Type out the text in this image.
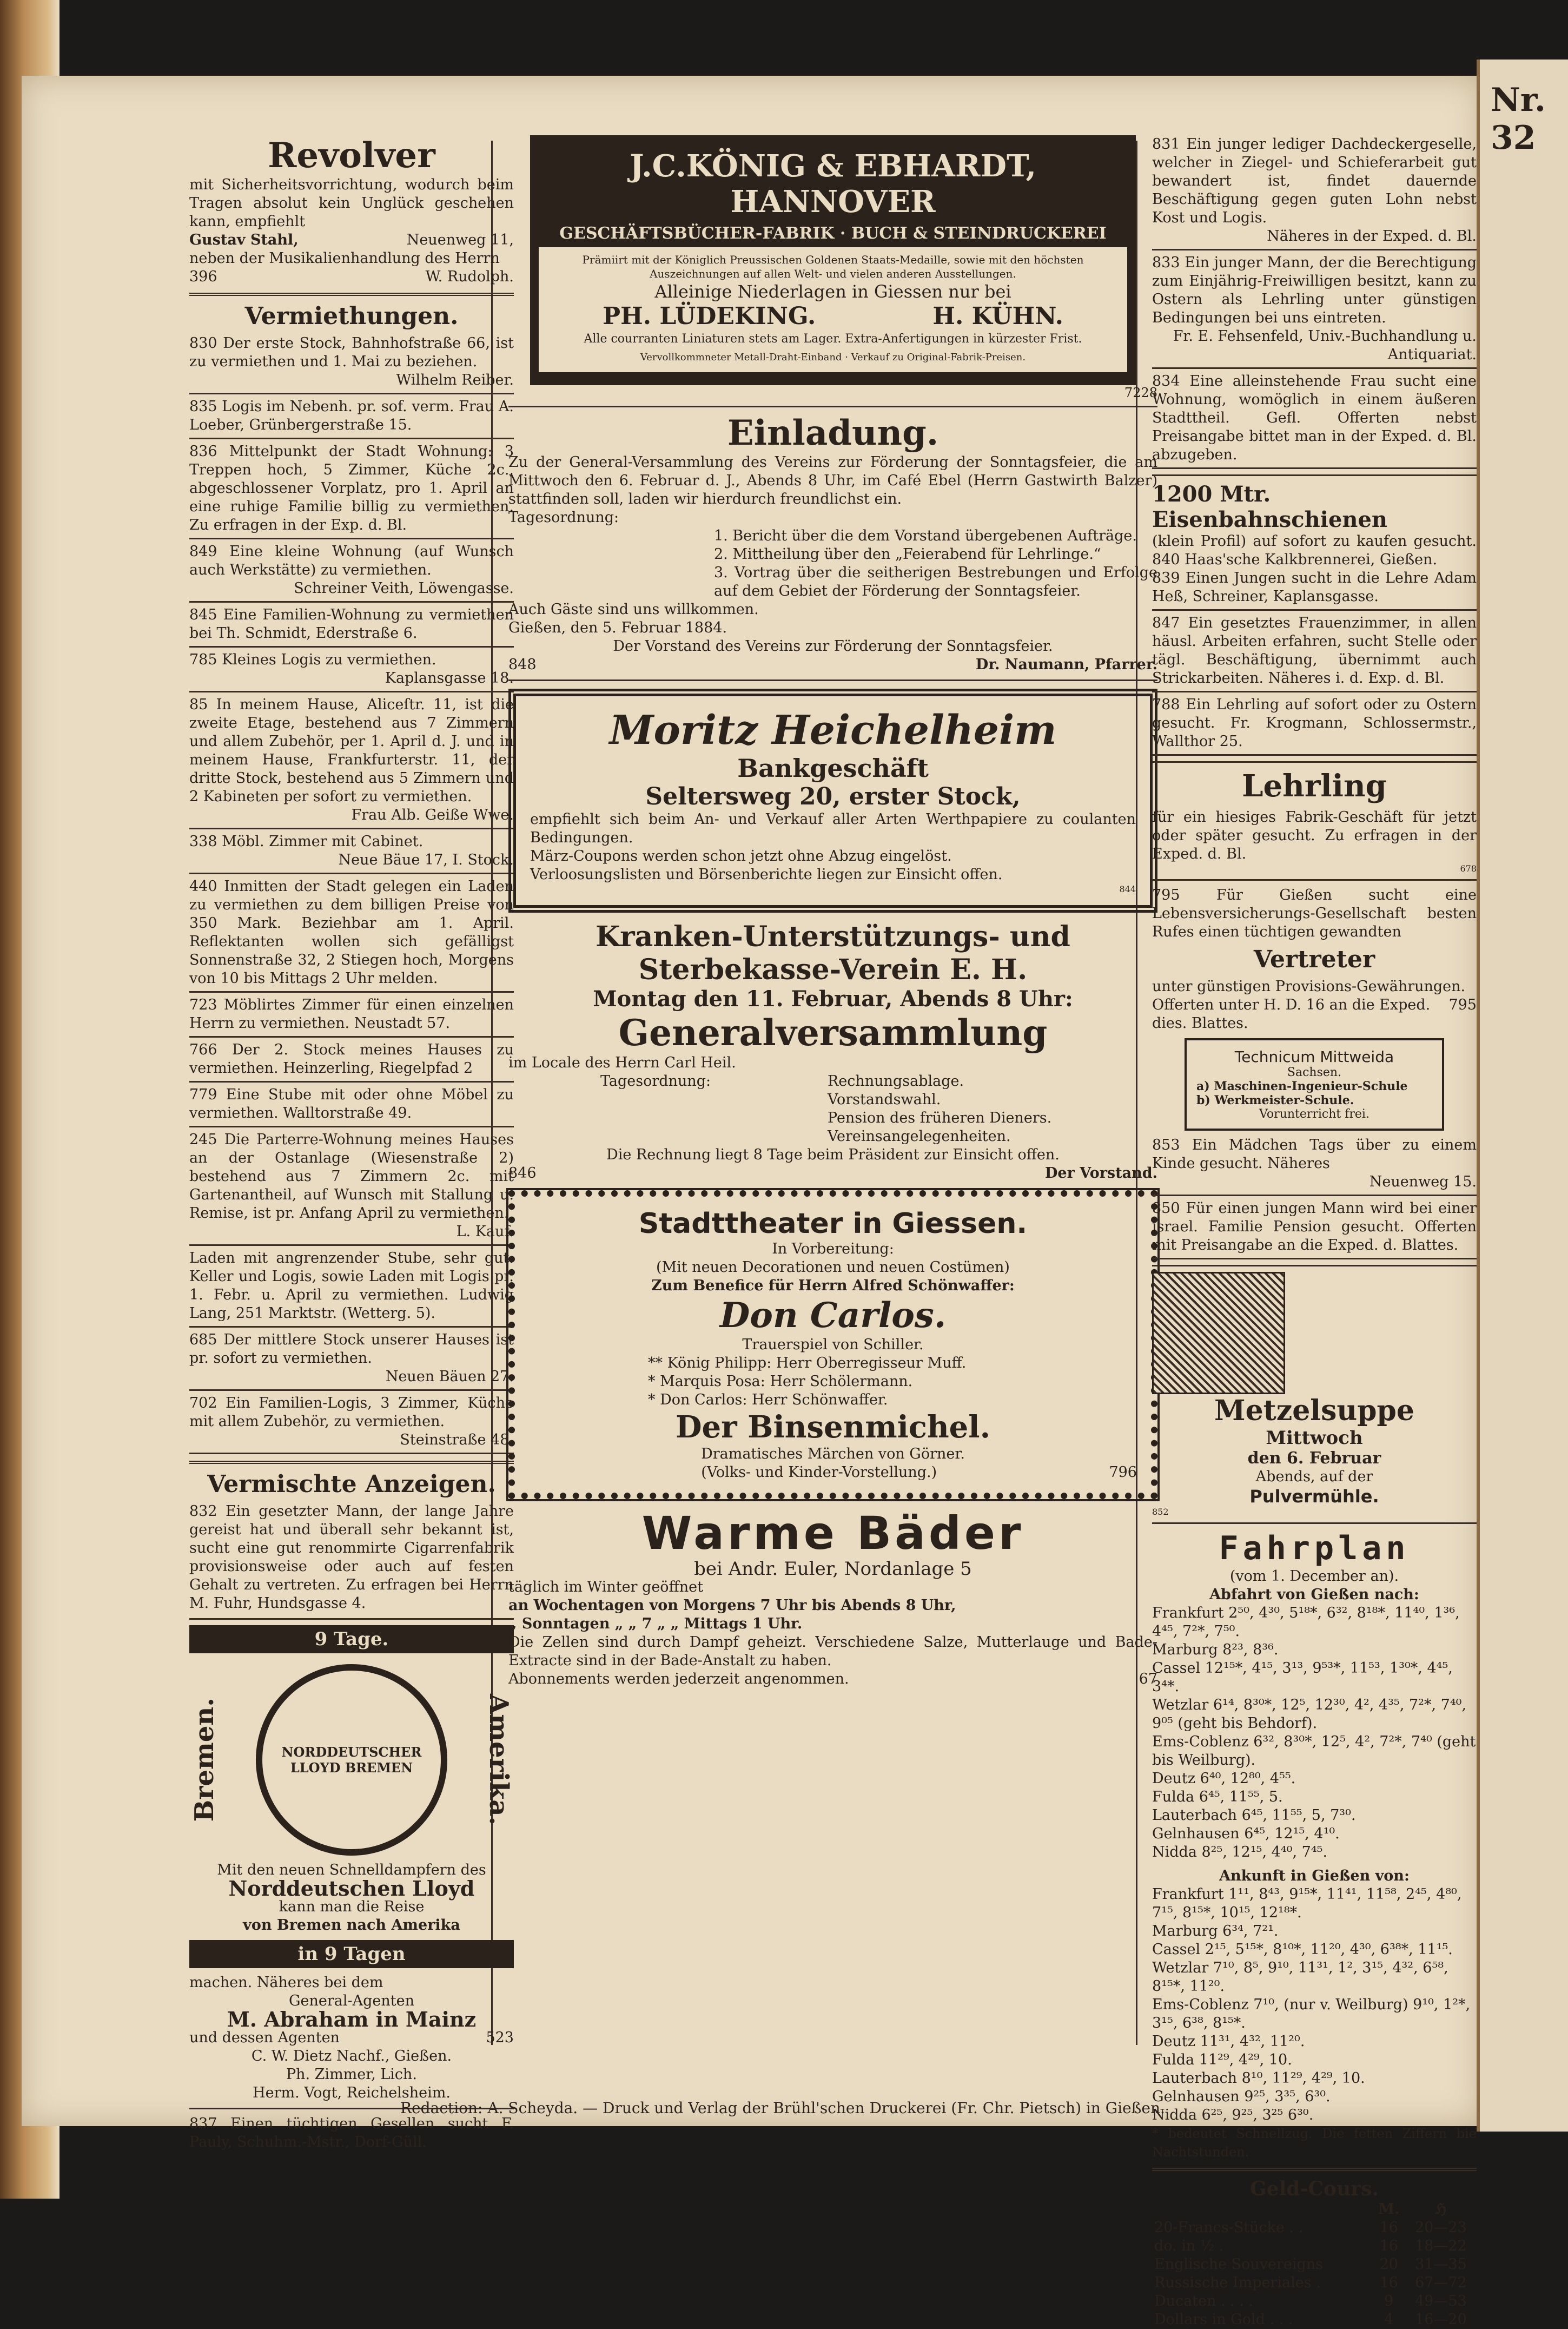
Revolver

mit Sicherheitsvorrichtung, wodurch beim Tragen absolut kein Unglück geschehen kann, empfiehlt

Gustav Stahl,	Neuenweg 11,

neben der Musikalienhandlung des Herrn

396	W. Rudolph.
Vermiethungen.

830 Der erste Stock, Bahnhofstraße 66, ist zu vermiethen und 1. Mai zu beziehen.

Wilhelm Reiber.

835 Logis im Nebenh. pr. sof. verm. Frau A. Loeber, Grünbergerstraße 15.

836 Mittelpunkt der Stadt Wohnung: 3 Treppen hoch, 5 Zimmer, Küche 2c., abgeschlossener Vorplatz, pro 1. April an eine ruhige Familie billig zu vermiethen. Zu erfragen in der Exp. d. Bl.

849 Eine kleine Wohnung (auf Wunsch auch Werkstätte) zu vermiethen.

Schreiner Veith, Löwengasse.

845 Eine Familien-Wohnung zu vermiethen bei Th. Schmidt, Ederstraße 6.

785 Kleines Logis zu vermiethen.

Kaplansgasse 18.

85 In meinem Hause, Aliceſtr. 11, ist die zweite Etage, bestehend aus 7 Zimmern und allem Zubehör, per 1. April d. J. und in meinem Hause, Frankfurterstr. 11, der dritte Stock, bestehend aus 5 Zimmern und 2 Kabineten per sofort zu vermiethen.

Frau Alb. Geiße Wwe.

338 Möbl. Zimmer mit Cabinet.

Neue Bäue 17, I. Stock.

440 Inmitten der Stadt gelegen ein Laden zu vermiethen zu dem billigen Preise von 350 Mark. Beziehbar am 1. April. Reflektanten wollen sich gefälligst Sonnenstraße 32, 2 Stiegen hoch, Morgens von 10 bis Mittags 2 Uhr melden.

723 Möblirtes Zimmer für einen einzelnen Herrn zu vermiethen. Neustadt 57.

766 Der 2. Stock meines Hauses zu vermiethen. Heinzerling, Riegelpfad 2

779 Eine Stube mit oder ohne Möbel zu vermiethen. Walltorstraße 49.

245 Die Parterre-Wohnung meines Hauses an der Ostanlage (Wiesenstraße 2) bestehend aus 7 Zimmern 2c. mit Gartenantheil, auf Wunsch mit Stallung u. Remise, ist pr. Anfang April zu vermiethen.

L. Kauf.

Laden mit angrenzender Stube, sehr gut. Keller und Logis, sowie Laden mit Logis pr. 1. Febr. u. April zu vermiethen. Ludwig Lang, 251 Marktstr. (Wetterg. 5).

685 Der mittlere Stock unserer Hauses ist pr. sofort zu vermiethen.

Neuen Bäuen 27.

702 Ein Familien-Logis, 3 Zimmer, Küche mit allem Zubehör, zu vermiethen.

Steinstraße 48.

Vermischte Anzeigen.

832 Ein gesetzter Mann, der lange Jahre gereist hat und überall sehr bekannt ist, sucht eine gut renommirte Cigarrenfabrik provisionsweise oder auch auf festen Gehalt zu vertreten. Zu erfragen bei Herrn M. Fuhr, Hundsgasse 4.

9 Tage.
Bremen.	NORDDEUTSCHER LLOYD BREMEN	Amerika.

Mit den neuen Schnelldampfern des

Norddeutschen Lloyd

kann man die Reise

von Bremen nach Amerika

in 9 Tagen

machen. Näheres bei dem

General-Agenten

M. Abraham in Mainz

und dessen Agenten	523

C. W. Dietz Nachf., Gießen.

Ph. Zimmer, Lich.

Herm. Vogt, Reichelsheim.

837 Einen tüchtigen Gesellen sucht F. Pauly, Schuhm.-Mstr., Dorf-Güll.

J.C.KÖNIG & EBHARDT, HANNOVER
GESCHÄFTSBÜCHER-FABRIK · BUCH & STEINDRUCKEREI

Prämiirt mit der Königlich Preussischen Goldenen Staats-Medaille, sowie mit den höchsten Auszeichnungen auf allen Welt- und vielen anderen Ausstellungen.

Alleinige Niederlagen in Giessen nur bei

PH. LÜDEKING.	H. KÜHN.

Alle courranten Liniaturen stets am Lager. Extra-Anfertigungen in kürzester Frist.

Vervollkommneter Metall-Draht-Einband · Verkauf zu Original-Fabrik-Preisen.

7228
Einladung.

Zu der General-Versammlung des Vereins zur Förderung der Sonntagsfeier, die am Mittwoch den 6. Februar d. J., Abends 8 Uhr, im Café Ebel (Herrn Gastwirth Balzer) stattfinden soll, laden wir hierdurch freundlichst ein.

Tagesordnung:

1. Bericht über die dem Vorstand übergebenen Aufträge.

2. Mittheilung über den „Feierabend für Lehrlinge.“

3. Vortrag über die seitherigen Bestrebungen und Erfolge auf dem Gebiet der Förderung der Sonntagsfeier.

Auch Gäste sind uns willkommen.

Gießen, den 5. Februar 1884.

Der Vorstand des Vereins zur Förderung der Sonntagsfeier.

848	Dr. Naumann, Pfarrer.
Moritz Heichelheim
Bankgeschäft
Seltersweg 20, erster Stock,

empfiehlt sich beim An- und Verkauf aller Arten Werthpapiere zu coulanten Bedingungen.

März-Coupons werden schon jetzt ohne Abzug eingelöst.

Verloosungslisten und Börsenberichte liegen zur Einsicht offen.

844
Kranken-Unterstützungs- und Sterbekasse-Verein E. H.
Montag den 11. Februar, Abends 8 Uhr:
Generalversammlung

im Locale des Herrn Carl Heil.

Tagesordnung:	Rechnungsablage.

Vorstandswahl.

Pension des früheren Dieners.

Vereinsangelegenheiten.

Die Rechnung liegt 8 Tage beim Präsident zur Einsicht offen.

846	Der Vorstand.
Stadttheater in Giessen.

In Vorbereitung:

(Mit neuen Decorationen und neuen Costümen)

Zum Benefice für Herrn Alfred Schönwaffer:

Don Carlos.

Trauerspiel von Schiller.

** König Philipp: Herr Oberregisseur Muff.

* Marquis Posa: Herr Schölermann.

* Don Carlos: Herr Schönwaffer.

Der Binsenmichel.

Dramatisches Märchen von Görner.

(Volks- und Kinder-Vorstellung.)	796
Warme Bäder

bei Andr. Euler, Nordanlage 5

täglich im Winter geöffnet

an Wochentagen von Morgens 7 Uhr bis Abends 8 Uhr,

„ Sonntagen „ „ 7 „ „ Mittags 1 Uhr.

Die Zellen sind durch Dampf geheizt. Verschiedene Salze, Mutterlauge und Bade-Extracte sind in der Bade-Anstalt zu haben.

Abonnements werden jederzeit angenommen.	67

831 Ein junger lediger Dachdeckergeselle, welcher in Ziegel- und Schieferarbeit gut bewandert ist, findet dauernde Beschäftigung gegen guten Lohn nebst Kost und Logis.

Näheres in der Exped. d. Bl.

833 Ein junger Mann, der die Berechtigung zum Einjährig-Freiwilligen besitzt, kann zu Ostern als Lehrling unter günstigen Bedingungen bei uns eintreten.

Fr. E. Fehsenfeld, Univ.-Buchhandlung u. Antiquariat.

834 Eine alleinstehende Frau sucht eine Wohnung, womöglich in einem äußeren Stadttheil. Gefl. Offerten nebst Preisangabe bittet man in der Exped. d. Bl. abzugeben.

1200 Mtr. Eisenbahnschienen

(klein Profil) auf sofort zu kaufen gesucht. 840 Haas'sche Kalkbrennerei, Gießen.

839 Einen Jungen sucht in die Lehre Adam Heß, Schreiner, Kaplansgasse.

847 Ein gesetztes Frauenzimmer, in allen häusl. Arbeiten erfahren, sucht Stelle oder tägl. Beschäftigung, übernimmt auch Strickarbeiten. Näheres i. d. Exp. d. Bl.

788 Ein Lehrling auf sofort oder zu Ostern gesucht. Fr. Krogmann, Schlossermstr., Wallthor 25.

Lehrling

für ein hiesiges Fabrik-Geschäft für jetzt oder später gesucht. Zu erfragen in der Exped. d. Bl.

678

795 Für Gießen sucht eine Lebensversicherungs-Gesellschaft besten Rufes einen tüchtigen gewandten

Vertreter

unter günstigen Provisions-Gewährungen.

Offerten unter H. D. 16 an die Exped. dies. Blattes.
795
Technicum Mittweida
Sachsen.
a) Maschinen-Ingenieur-Schule
b) Werkmeister-Schule.
Vorunterricht frei.

853 Ein Mädchen Tags über zu einem Kinde gesucht. Näheres

Neuenweg 15.

850 Für einen jungen Mann wird bei einer israel. Familie Pension gesucht. Offerten mit Preisangabe an die Exped. d. Blattes.

Metzelsuppe
Mittwoch
den 6. Februar

Abends, auf der

Pulvermühle.
852
Fahrplan

(vom 1. December an).

Abfahrt von Gießen nach:

Frankfurt 2⁵⁰, 4³⁰, 5¹⁸*, 6³², 8¹⁸*, 11⁴⁰, 1³⁶, 4⁴⁵, 7²*, 7⁵⁰.

Marburg 8²³, 8³⁶.

Cassel 12¹⁵*, 4¹⁵, 3¹³, 9⁵³*, 11⁵³, 1³⁰*, 4⁴⁵, 3⁴*.

Wetzlar 6¹⁴, 8³⁰*, 12⁵, 12³⁰, 4², 4³⁵, 7²*, 7⁴⁰, 9⁰⁵ (geht bis Behdorf).

Ems-Coblenz 6³², 8³⁰*, 12⁵, 4², 7²*, 7⁴⁰ (geht bis Weilburg).

Deutz 6⁴⁰, 12⁸⁰, 4⁵⁵.

Fulda 6⁴⁵, 11⁵⁵, 5.

Lauterbach 6⁴⁵, 11⁵⁵, 5, 7³⁰.

Gelnhausen 6⁴⁵, 12¹⁵, 4¹⁰.

Nidda 8²⁵, 12¹⁵, 4⁴⁰, 7⁴⁵.

Ankunft in Gießen von:

Frankfurt 1¹¹, 8⁴³, 9¹⁵*, 11⁴¹, 11⁵⁸, 2⁴⁵, 4⁸⁰, 7¹⁵, 8¹⁵*, 10¹⁵, 12¹⁸*.

Marburg 6³⁴, 7²¹.

Cassel 2¹⁵, 5¹⁵*, 8¹⁰*, 11²⁰, 4³⁰, 6³⁸*, 11¹⁵.

Wetzlar 7¹⁰, 8⁵, 9¹⁰, 11³¹, 1², 3¹⁵, 4³², 6⁵⁸, 8¹⁵*, 11²⁰.

Ems-Coblenz 7¹⁰, (nur v. Weilburg) 9¹⁰, 1²*, 3¹⁵, 6³⁸, 8¹⁵*.

Deutz 11³¹, 4³², 11²⁰.

Fulda 11²⁹, 4²⁹, 10.

Lauterbach 8¹⁰, 11²⁹, 4²⁹, 10.

Gelnhausen 9²⁵, 3³⁵, 6³⁰.

Nidda 6²⁵, 9²⁵, 3²⁵ 6³⁰.

* bedeutet Schnellzug. Die fetten Ziffern bie Nachtstunden.

Geld-Cours.
	M.	ℌ
20-Francs-Stücke . .	16	20—23
do. in ½ .	16	18—22
Englische Souvereigns	20	31—35
Russische Imperiales .	16	67—72
Ducaten . . . .	9	49—53
Dollars in Gold . . .	4	16—20
Redaction: A. Scheyda. — Druck und Verlag der Brühl'schen Druckerei (Fr. Chr. Pietsch) in Gießen.
Nr. 32
